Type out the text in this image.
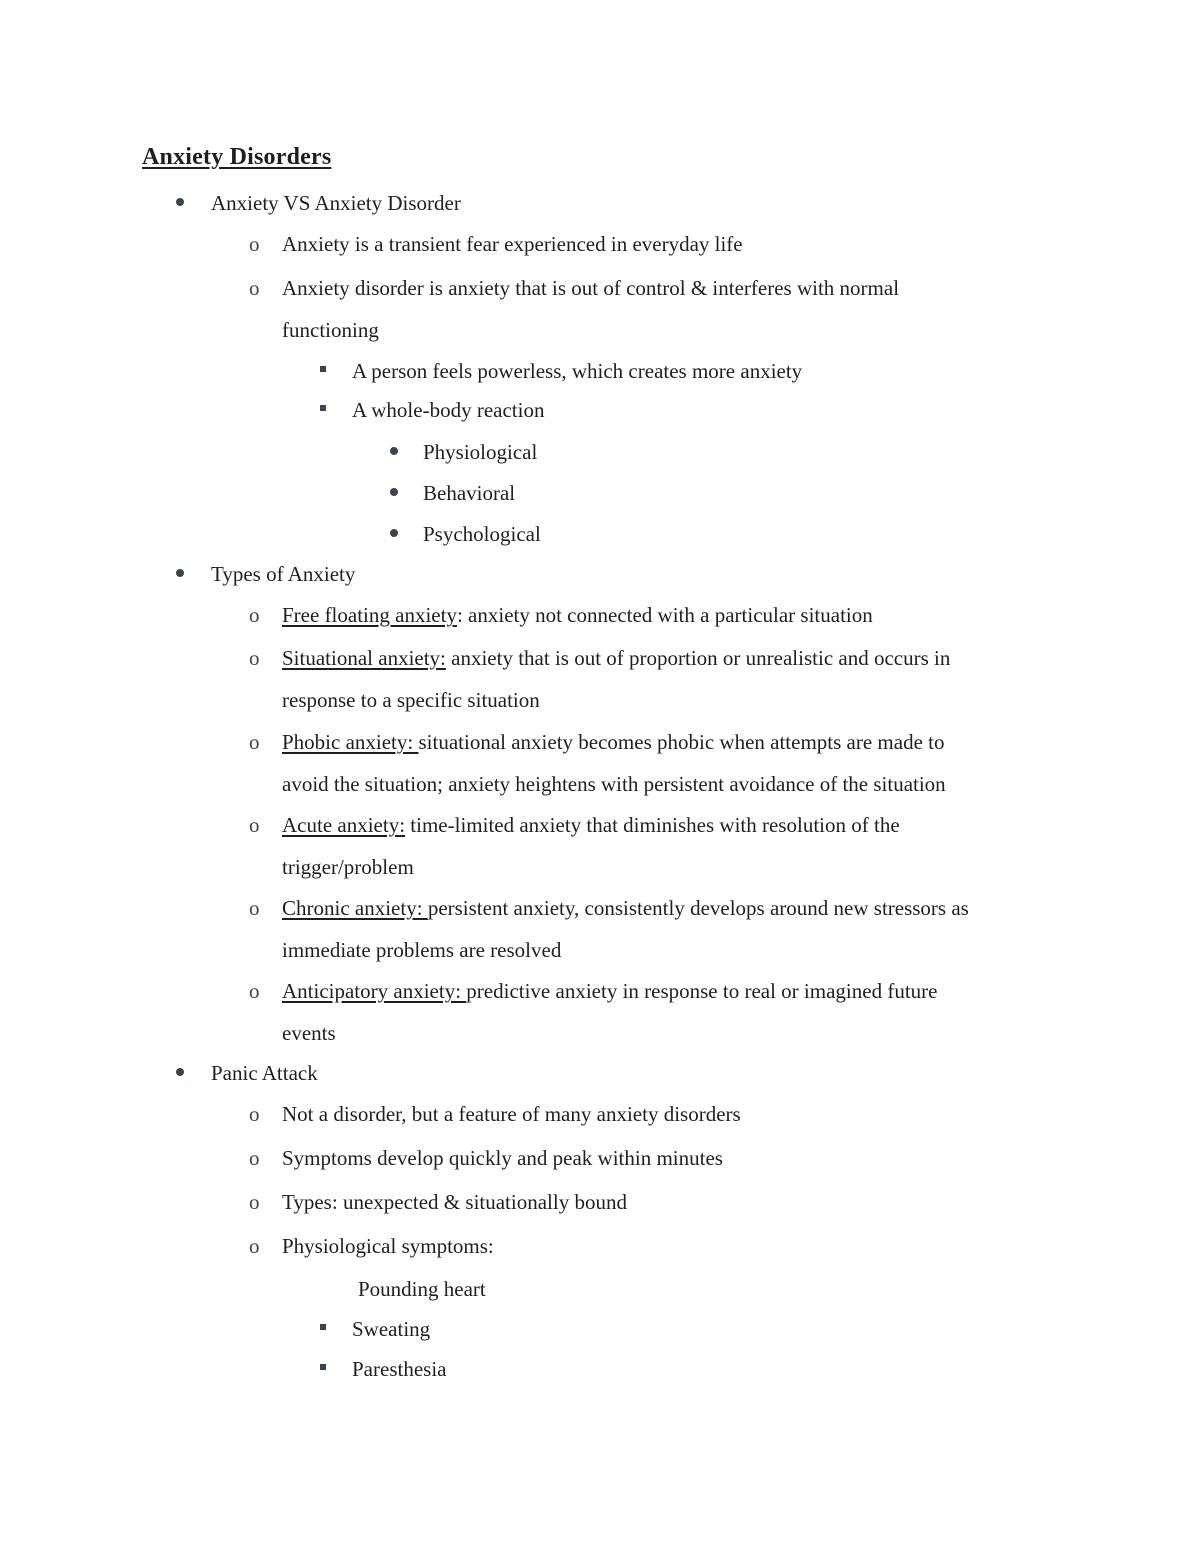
Anxiety Disorders
Anxiety VS Anxiety Disorder
o Anxiety is a transient fear experienced in everyday life
o Anxiety disorder is anxiety that is out of control & interferes with normal
functioning
A person feels powerless, which creates more anxiety
A whole-body reaction
Physiological
Behavioral
Psychological
Types of Anxiety
o Free floating anxiety: anxiety not connected with a particular situation
o Situational anxiety: anxiety that is out of proportion or unrealistic and occurs in
response to a specific situation
o Phobic anxiety: situational anxiety becomes phobic when attempts are made to
avoid the situation; anxiety heightens with persistent avoidance of the situation
o Acute anxiety: time-limited anxiety that diminishes with resolution of the
trigger/problem
o Chronic anxiety: persistent anxiety, consistently develops around new stressors as
immediate problems are resolved
o Anticipatory anxiety: predictive anxiety in response to real or imagined future
events
Panic Attack
o Not a disorder, but a feature of many anxiety disorders
o Symptoms develop quickly and peak within minutes
o Types: unexpected & situationally bound
o Physiological symptoms:
Pounding heart
Sweating
Paresthesia
